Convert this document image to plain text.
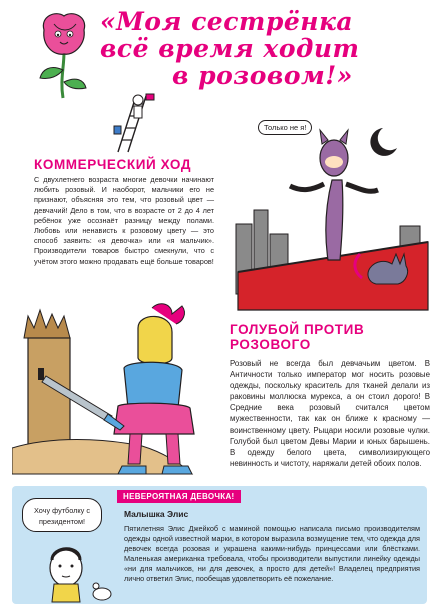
«Моя сестрёнка
всё время ходит
в розовом!»
КОММЕРЧЕСКИЙ ХОД

С двухлетнего возраста многие девочки начинают любить розовый. И наоборот, мальчики его не признают, объясняя это тем, что розовый цвет — девчачий! Дело в том, что в возрасте от 2 до 4 лет ребёнок уже осознаёт разницу между полами. Любовь или ненависть к розовому цвету — это способ заявить: «я девочка» или «я мальчик». Производители товаров быстро смекнули, что с учётом этого можно продавать ещё больше товаров!

Только не я!
ГОЛУБОЙ ПРОТИВ
РОЗОВОГО

Розовый не всегда был девчачьим цветом. В Античности только император мог носить розовые одежды, поскольку краситель для тканей делали из раковины моллюска мурекса, а он стоил дорого! В Средние века розовый считался цветом мужественности, так как он ближе к красному — воинственному цвету. Рыцари носили розовые чулки. Голубой был цветом Девы Марии и юных барышень. В одежду белого цвета, символизирующего невинность и чистоту, наряжали детей обоих полов.

НЕВЕРОЯТНАЯ ДЕВОЧКА!
Хочу футболку с президентом!
Малышка Элис
Пятилетняя Элис Джейкоб с маминой помощью написала письмо производителям одежды одной известной марки, в котором выразила возмущение тем, что одежда для девочек всегда розовая и украшена какими-нибудь принцессами или блёстками. Маленькая американка требовала, чтобы производители выпустили линейку одежды «ни для мальчиков, ни для девочек, а просто для детей»! Владелец предприятия лично ответил Элис, пообещав удовлетворить её пожелание.
